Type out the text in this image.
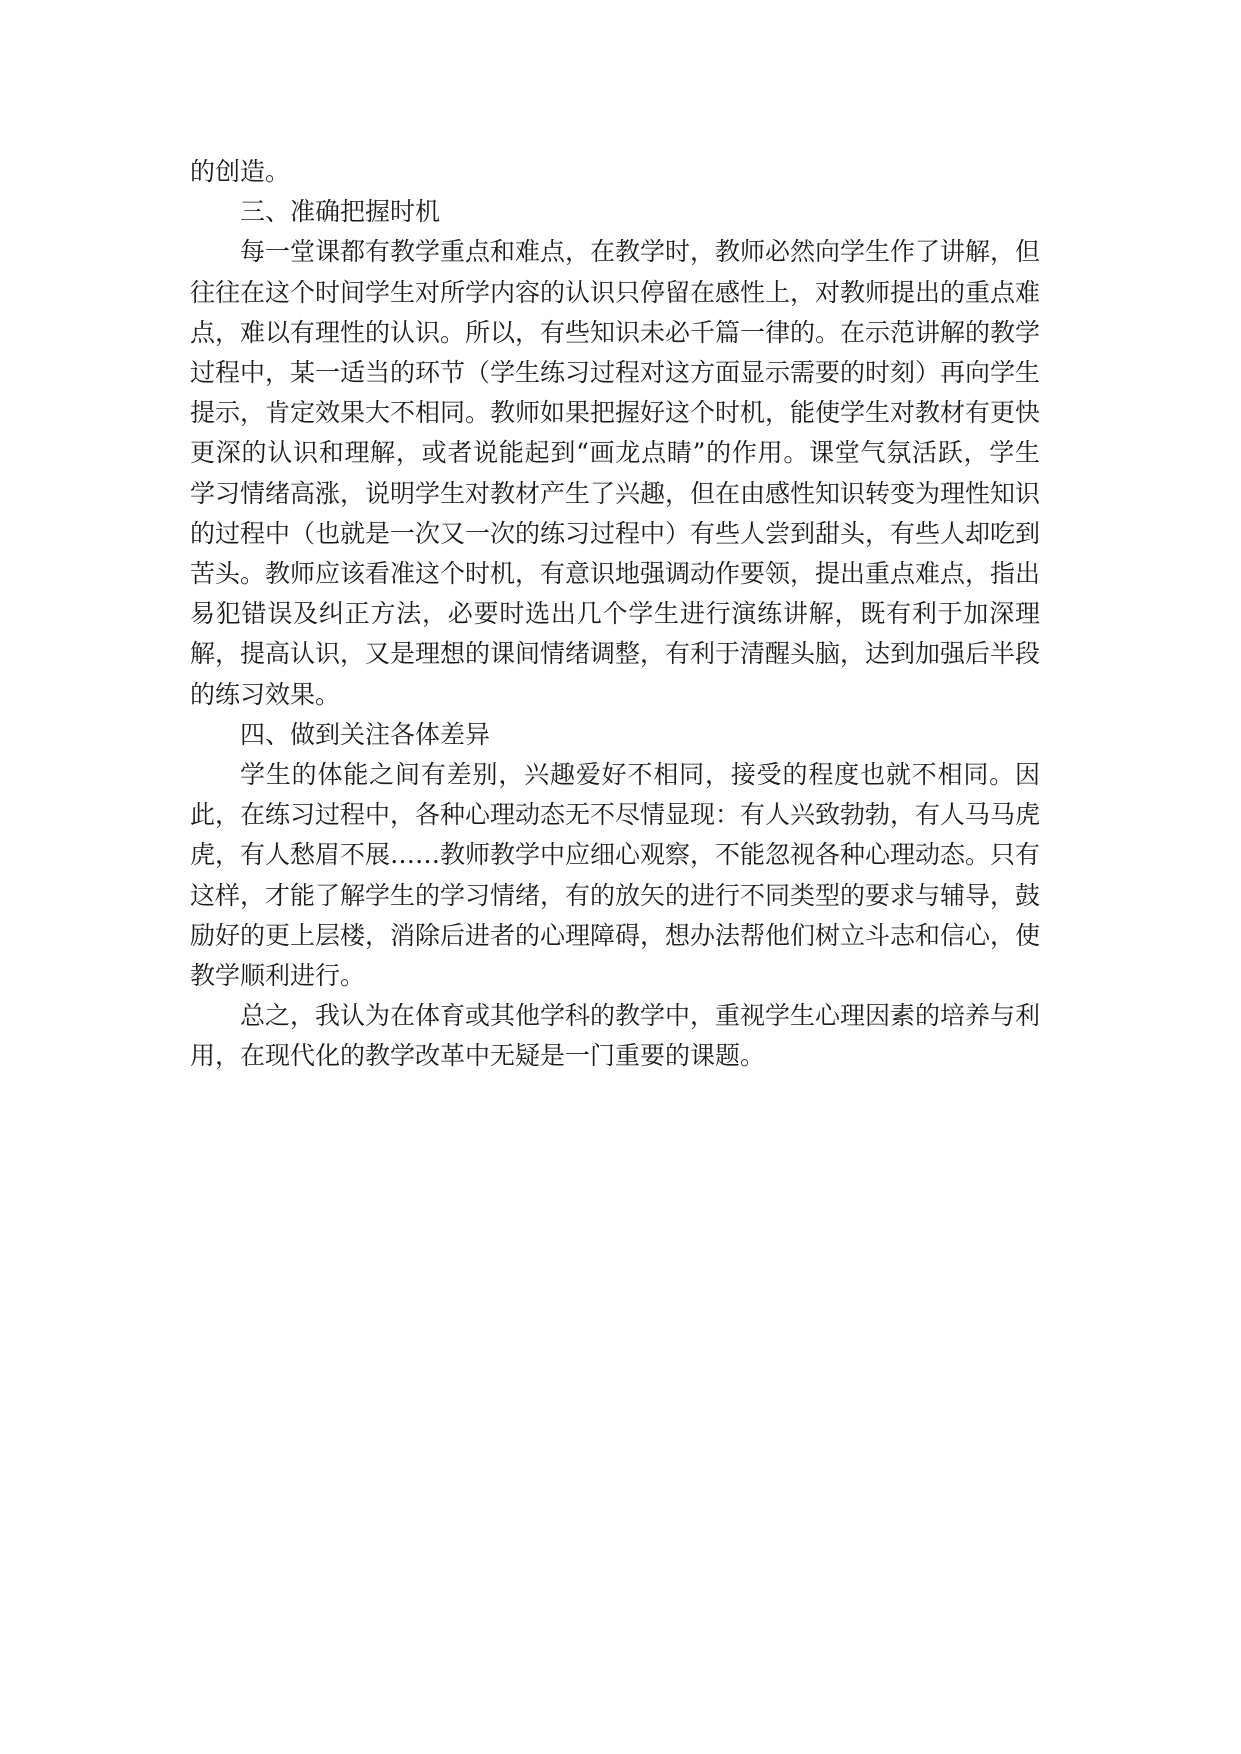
的创造。

三、准确把握时机

每一堂课都有教学重点和难点，在教学时，教师必然向学生作了讲解，但往往在这个时间学生对所学内容的认识只停留在感性上，对教师提出的重点难点，难以有理性的认识。所以，有些知识未必千篇一律的。在示范讲解的教学过程中，某一适当的环节（学生练习过程对这方面显示需要的时刻）再向学生提示，肯定效果大不相同。教师如果把握好这个时机，能使学生对教材有更快更深的认识和理解，或者说能起到“画龙点睛”的作用。课堂气氛活跃，学生学习情绪高涨，说明学生对教材产生了兴趣，但在由感性知识转变为理性知识的过程中（也就是一次又一次的练习过程中）有些人尝到甜头，有些人却吃到苦头。教师应该看准这个时机，有意识地强调动作要领，提出重点难点，指出易犯错误及纠正方法，必要时选出几个学生进行演练讲解，既有利于加深理解，提高认识，又是理想的课间情绪调整，有利于清醒头脑，达到加强后半段的练习效果。

四、做到关注各体差异

学生的体能之间有差别，兴趣爱好不相同，接受的程度也就不相同。因此，在练习过程中，各种心理动态无不尽情显现：有人兴致勃勃，有人马马虎虎，有人愁眉不展……教师教学中应细心观察，不能忽视各种心理动态。只有这样，才能了解学生的学习情绪，有的放矢的进行不同类型的要求与辅导，鼓励好的更上层楼，消除后进者的心理障碍，想办法帮他们树立斗志和信心，使教学顺利进行。

总之，我认为在体育或其他学科的教学中，重视学生心理因素的培养与利用，在现代化的教学改革中无疑是一门重要的课题。
